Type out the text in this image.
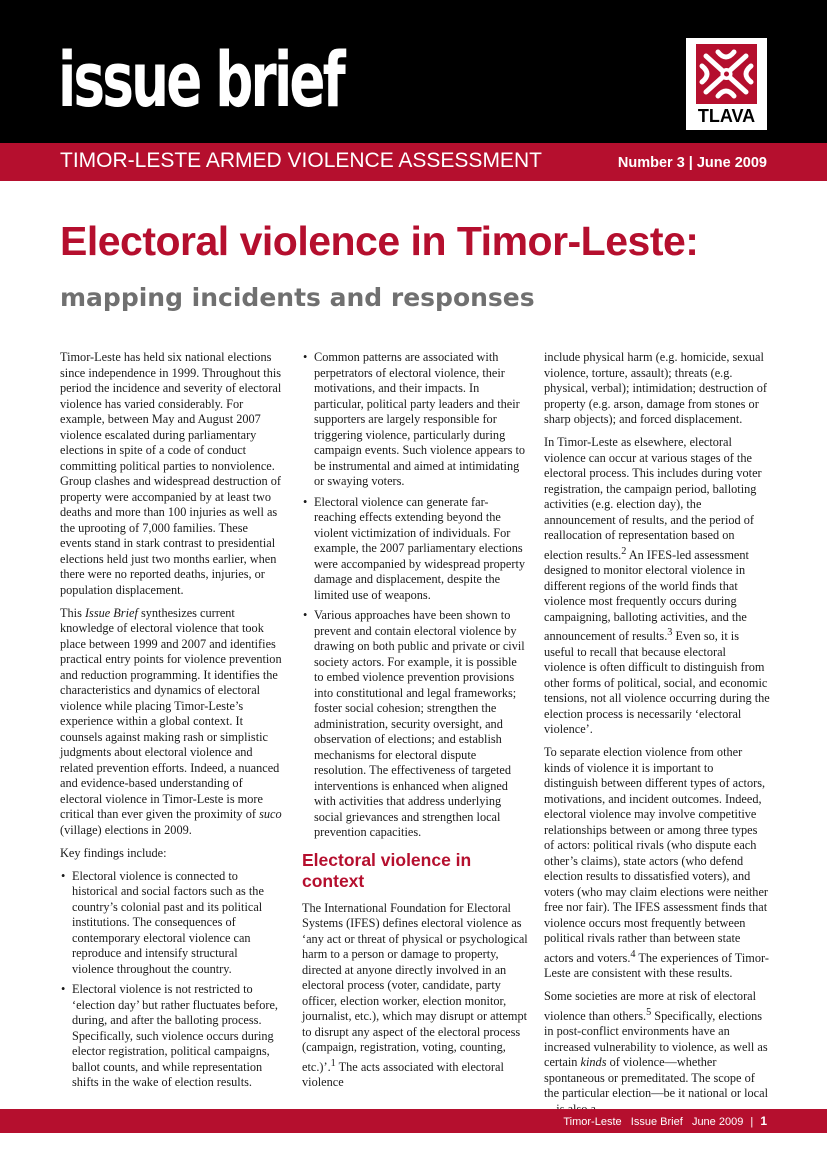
issue brief	TLAVA
TIMOR-LESTE ARMED VIOLENCE ASSESSMENT	Number 3 | June 2009
Electoral violence in Timor-Leste:
mapping incidents and responses

Timor-Leste has held six national elections since independence in 1999. Throughout this period the incidence and severity of electoral violence has varied considerably. For example, between May and August 2007 violence escalated during parliamentary elections in spite of a code of conduct committing political parties to nonviolence. Group clashes and widespread destruction of property were accompanied by at least two deaths and more than 100 injuries as well as the uprooting of 7,000 families. These events stand in stark contrast to presidential elections held just two months earlier, when there were no reported deaths, injuries, or population displacement.

This Issue Brief synthesizes current knowledge of electoral violence that took place between 1999 and 2007 and identifies practical entry points for violence prevention and reduction programming. It identifies the characteristics and dynamics of electoral violence while placing Timor-Leste’s experience within a global context. It counsels against making rash or simplistic judgments about electoral violence and related prevention efforts. Indeed, a nuanced and evidence-based understanding of electoral violence in Timor-Leste is more critical than ever given the proximity of suco (village) elections in 2009.

Key findings include:

• Electoral violence is connected to historical and social factors such as the country’s colonial past and its political institutions. The consequences of contemporary electoral violence can reproduce and intensify structural violence throughout the country.
• Electoral violence is not restricted to ‘election day’ but rather fluctuates before, during, and after the balloting process. Specifically, such violence occurs during elector registration, political campaigns, ballot counts, and while representation shifts in the wake of election results.
• Common patterns are associated with perpetrators of electoral violence, their motivations, and their impacts. In particular, political party leaders and their supporters are largely responsible for triggering violence, particularly during campaign events. Such violence appears to be instrumental and aimed at intimidating or swaying voters.
• Electoral violence can generate far-reaching effects extending beyond the violent victimization of individuals. For example, the 2007 parliamentary elections were accompanied by widespread property damage and displacement, despite the limited use of weapons.
• Various approaches have been shown to prevent and contain electoral violence by drawing on both public and private or civil society actors. For example, it is possible to embed violence prevention provisions into constitutional and legal frameworks; foster social cohesion; strengthen the administration, security oversight, and observation of elections; and establish mechanisms for electoral dispute resolution. The effectiveness of targeted interventions is enhanced when aligned with activities that address underlying social grievances and strengthen local prevention capacities.
Electoral violence in context

The International Foundation for Electoral Systems (IFES) defines electoral violence as ‘any act or threat of physical or psychological harm to a person or damage to property, directed at anyone directly involved in an electoral process (voter, candidate, party officer, election worker, election monitor, journalist, etc.), which may disrupt or attempt to disrupt any aspect of the electoral process (campaign, registration, voting, counting, etc.)’.$^1$ The acts associated with electoral violence

include physical harm (e.g. homicide, sexual violence, torture, assault); threats (e.g. physical, verbal); intimidation; destruction of property (e.g. arson, damage from stones or sharp objects); and forced displacement.

In Timor-Leste as elsewhere, electoral violence can occur at various stages of the electoral process. This includes during voter registration, the campaign period, balloting activities (e.g. election day), the announcement of results, and the period of reallocation of representation based on election results.$^2$ An IFES-led assessment designed to monitor electoral violence in different regions of the world finds that violence most frequently occurs during campaigning, balloting activities, and the announcement of results.$^3$ Even so, it is useful to recall that because electoral violence is often difficult to distinguish from other forms of political, social, and economic tensions, not all violence occurring during the election process is necessarily ‘electoral violence’.

To separate election violence from other kinds of violence it is important to distinguish between different types of actors, motivations, and incident outcomes. Indeed, electoral violence may involve competitive relationships between or among three types of actors: political rivals (who dispute each other’s claims), state actors (who defend election results to dissatisfied voters), and voters (who may claim elections were neither free nor fair). The IFES assessment finds that violence occurs most frequently between political rivals rather than between state actors and voters.$^4$ The experiences of Timor-Leste are consistent with these results.

Some societies are more at risk of electoral violence than others.$^5$ Specifically, elections in post-conflict environments have an increased vulnerability to violence, as well as certain kinds of violence—whether spontaneous or premeditated. The scope of the particular election—be it national or local

Timor-Leste Issue Brief June 2009 | 1
